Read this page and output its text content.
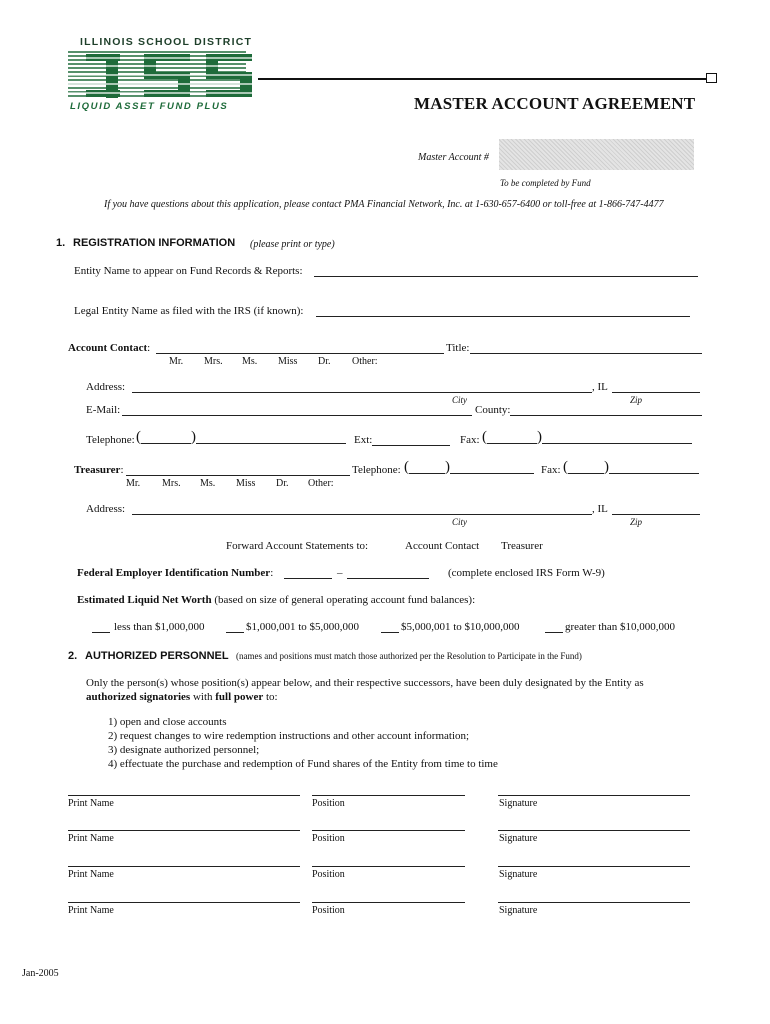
ILLINOIS SCHOOL DISTRICT
LIQUID ASSET FUND PLUS	MASTER ACCOUNT AGREEMENT
Master Account #
To be completed by Fund
If you have questions about this application, please contact PMA Financial Network, Inc. at 1-630-657-6400 or toll-free at 1-866-747-4477
1. REGISTRATION INFORMATION (please print or type)
Entity Name to appear on Fund Records & Reports:
Legal Entity Name as filed with the IRS (if known):
Account Contact:	Title:
Mr. Mrs. Ms. Miss Dr. Other:
Address:	, IL
City	Zip
E-Mail:	County:
Telephone: (	)	Ext:	Fax: (	)
Treasurer:	Telephone: ( )	Fax: ( )
Mr. Mrs. Ms. Miss Dr. Other:
Address:	, IL
City	Zip
Forward Account Statements to:	Account Contact Treasurer
Federal Employer Identification Number:	–	(complete enclosed IRS Form W-9)
Estimated Liquid Net Worth (based on size of general operating account fund balances):
less than $1,000,000	$1,000,001 to $5,000,000	$5,000,001 to $10,000,000	greater than $10,000,000
2. AUTHORIZED PERSONNEL (names and positions must match those authorized per the Resolution to Participate in the Fund)
Only the person(s) whose position(s) appear below, and their respective successors, have been duly designated by the Entity as
authorized signatories with full power to:
1) open and close accounts
2) request changes to wire redemption instructions and other account information;
3) designate authorized personnel;
4) effectuate the purchase and redemption of Fund shares of the Entity from time to time
Print Name	Position	Signature
Print Name	Position	Signature
Print Name	Position	Signature
Print Name	Position	Signature
Jan-2005
